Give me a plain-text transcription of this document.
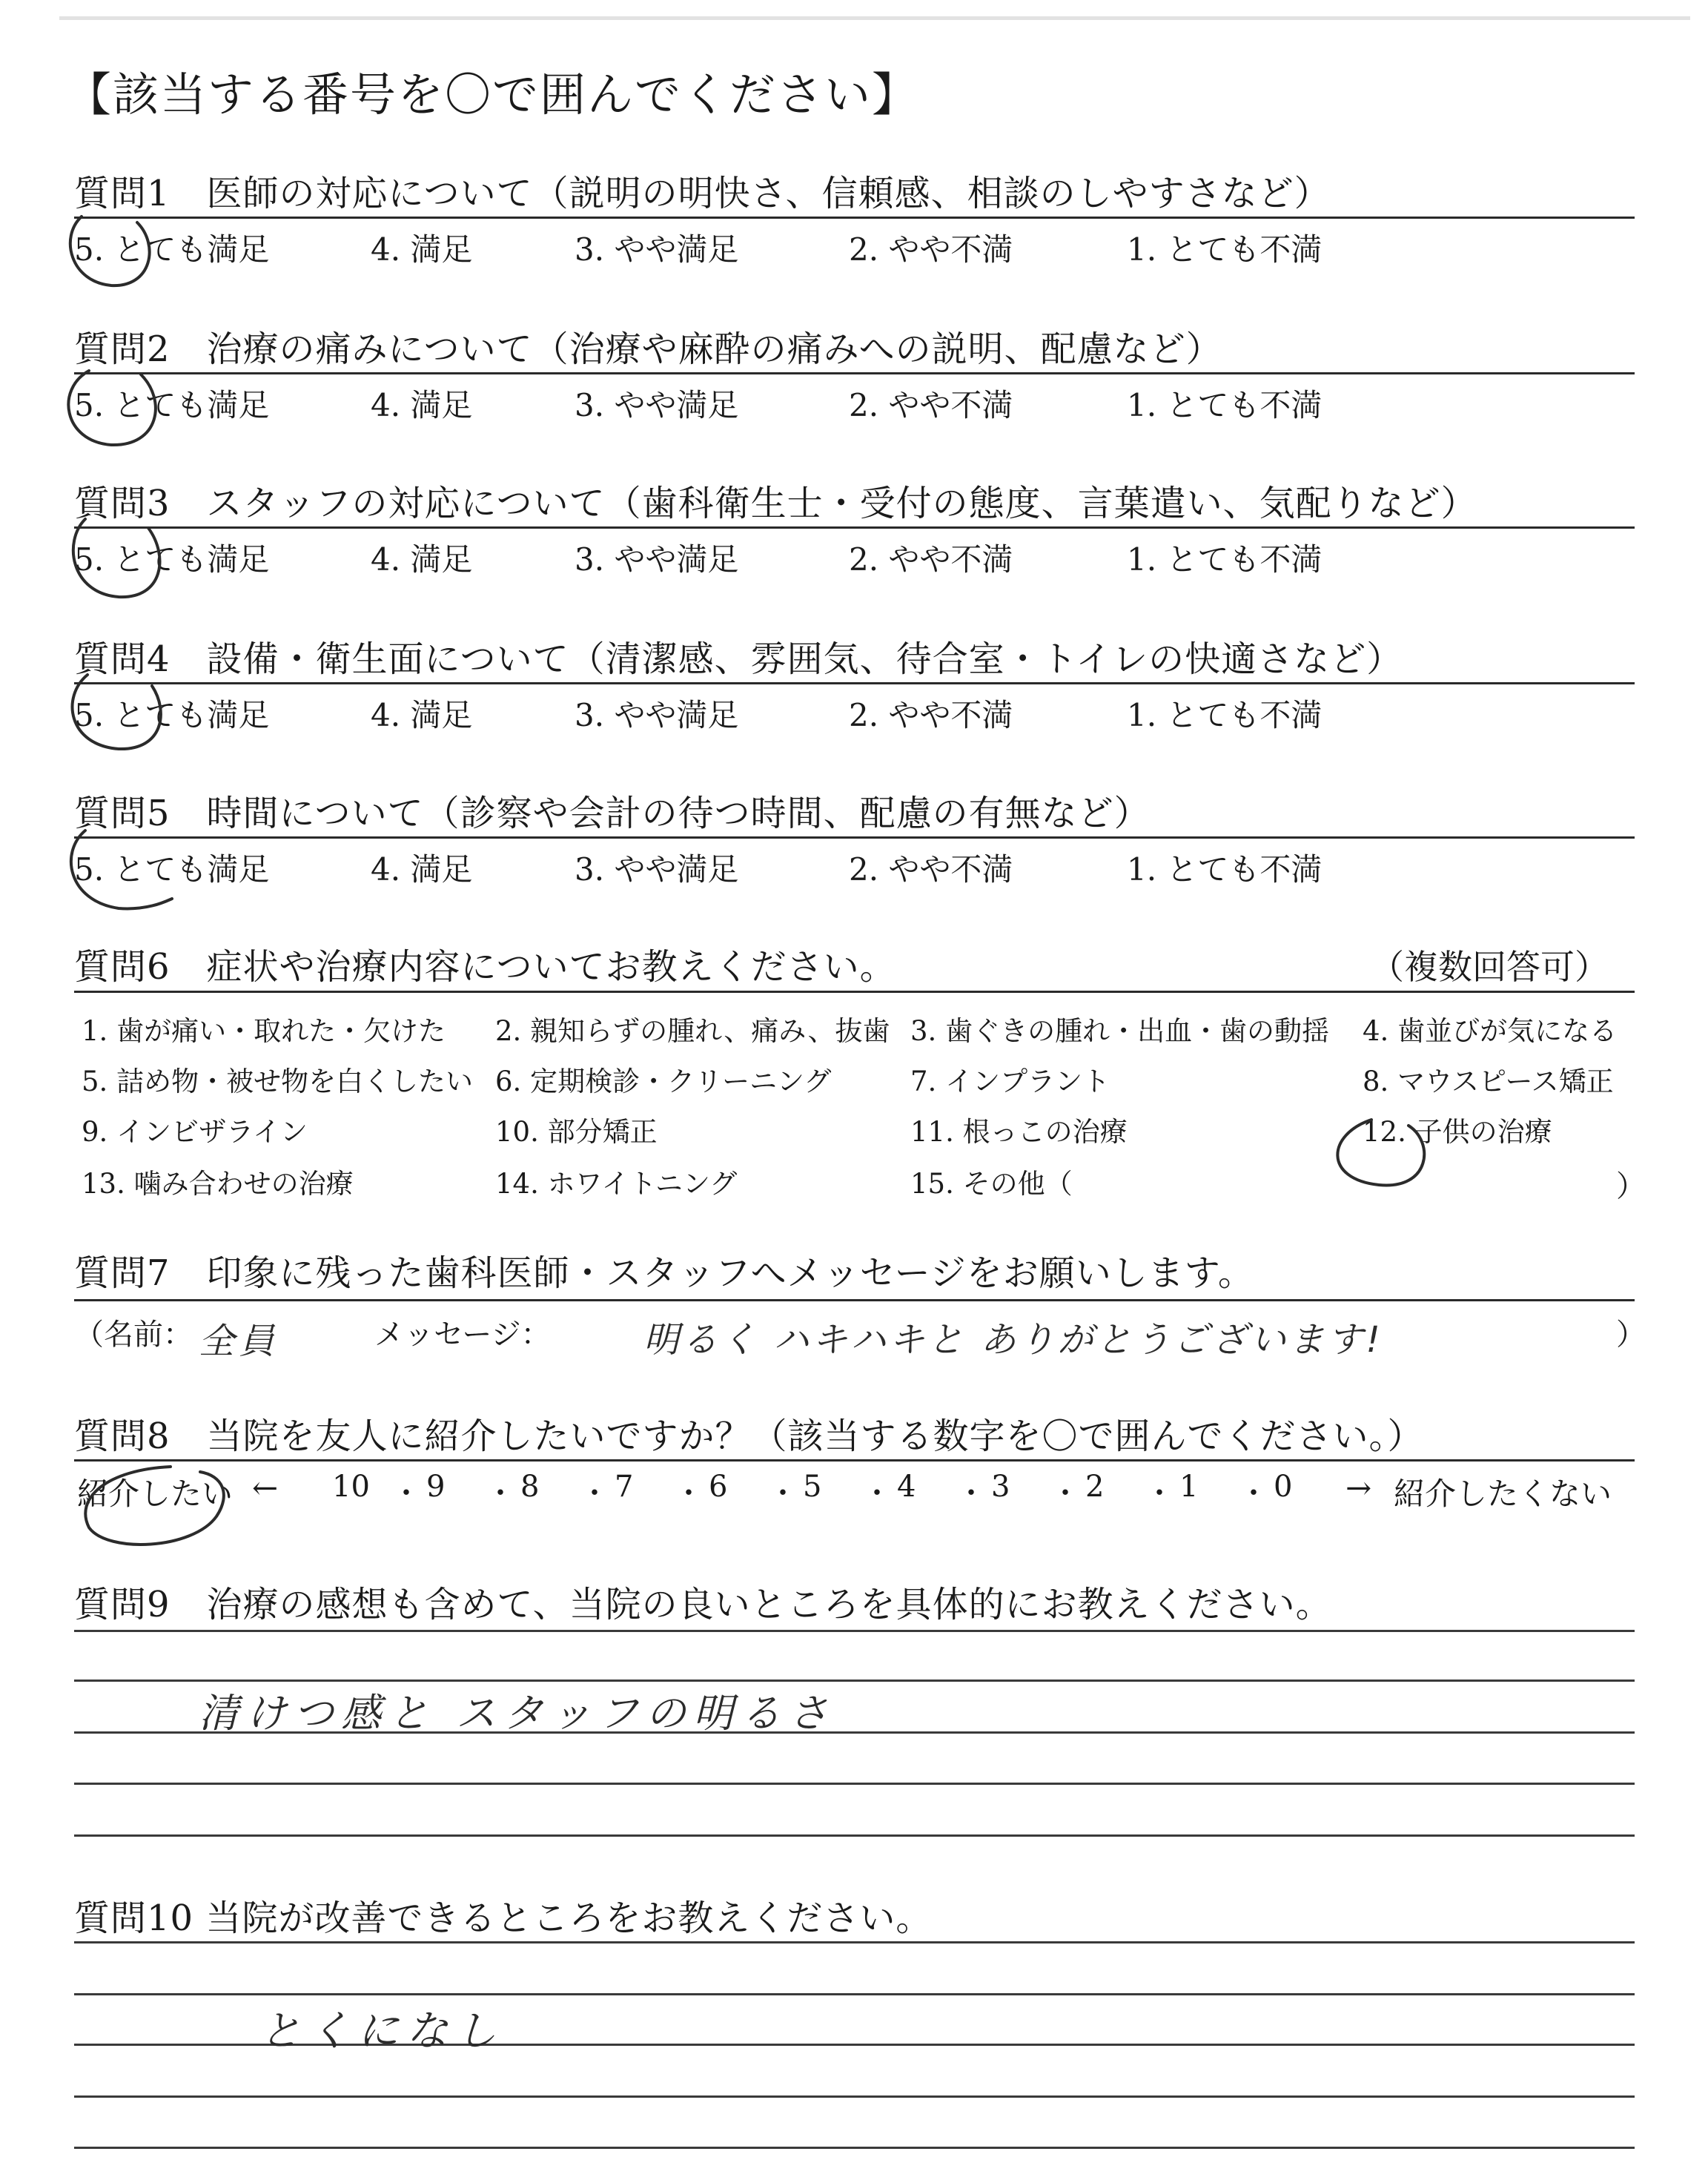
【該当する番号を〇で囲んでください】
質問1　医師の対応について（説明の明快さ、信頼感、相談のしやすさなど）
5. とても満足	4. 満足	3. やや満足	2. やや不満	1. とても不満
質問2　治療の痛みについて（治療や麻酔の痛みへの説明、配慮など）
5. とても満足	4. 満足	3. やや満足	2. やや不満	1. とても不満
質問3　スタッフの対応について（歯科衛生士・受付の態度、言葉遣い、気配りなど）
5. とても満足	4. 満足	3. やや満足	2. やや不満	1. とても不満
質問4　設備・衛生面について（清潔感、雰囲気、待合室・トイレの快適さなど）
5. とても満足	4. 満足	3. やや満足	2. やや不満	1. とても不満
質問5　時間について（診察や会計の待つ時間、配慮の有無など）
5. とても満足	4. 満足	3. やや満足	2. やや不満	1. とても不満
質問6　症状や治療内容についてお教えください。	（複数回答可）
1. 歯が痛い・取れた・欠けた 2. 親知らずの腫れ、痛み、抜歯 3. 歯ぐきの腫れ・出血・歯の動揺 4. 歯並びが気になる
5. 詰め物・被せ物を白くしたい 6. 定期検診・クリーニング	7. インプラント	8. マウスピース矯正
9. インビザライン	10. 部分矯正	11. 根っこの治療	12. 子供の治療
13. 噛み合わせの治療	14. ホワイトニング	15. その他（	）
質問7　印象に残った歯科医師・スタッフへメッセージをお願いします。
（名前： 全員	メッセージ：	明るく ハキハキと ありがとうございます!	）
質問8　当院を友人に紹介したいですか？（該当する数字を〇で囲んでください。）
紹介したい ← 10 ・ 9 ・ 8 ・ 7 ・ 6 ・ 5 ・ 4 ・ 3 ・ 2 ・ 1 ・ 0 → 紹介したくない
質問9　治療の感想も含めて、当院の良いところを具体的にお教えください。
清けつ感と スタッフの明るさ
質問10 当院が改善できるところをお教えください。
とくになし
